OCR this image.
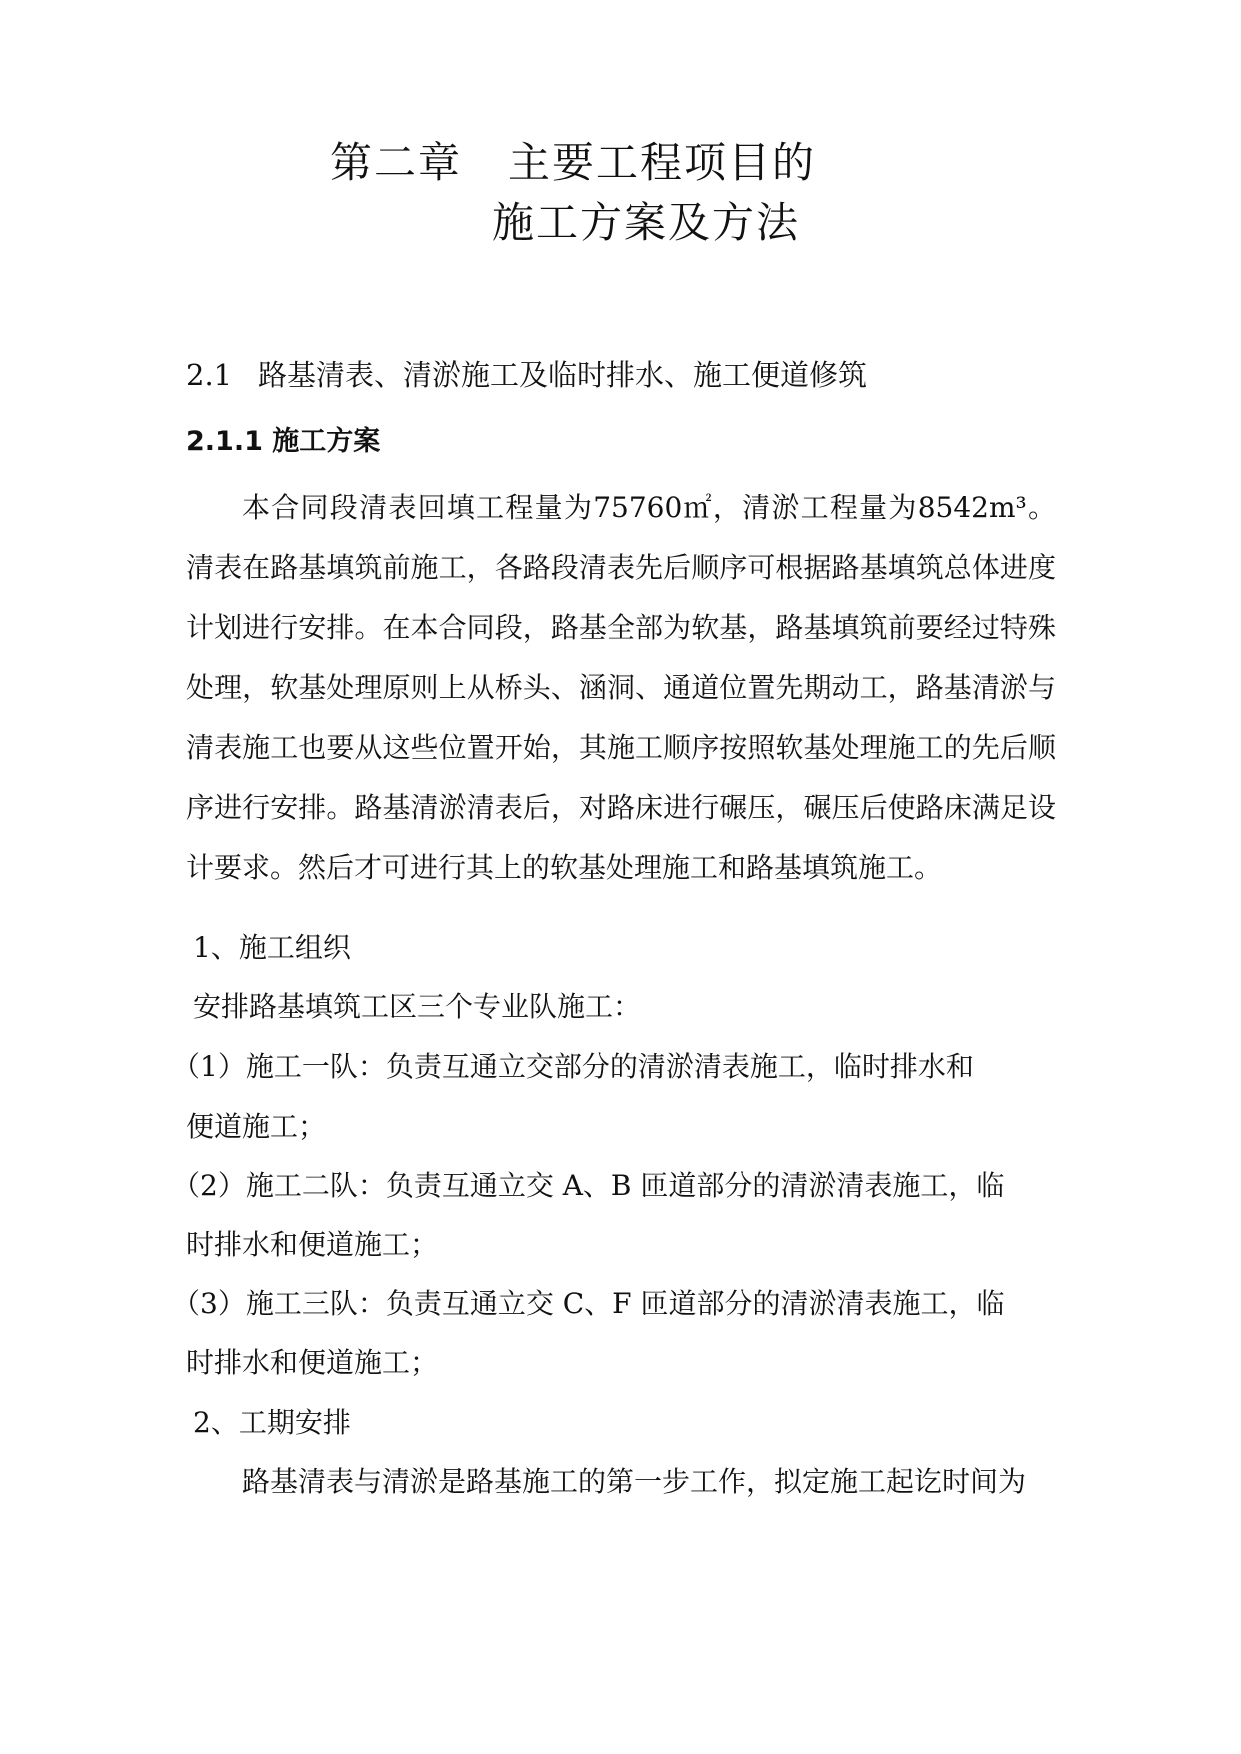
第二章 主要工程项目的
施工方案及方法
2.1 路基清表、清淤施工及临时排水、施工便道修筑
2.1.1 施工方案
本合同段清表回填工程量为75760㎡，清淤工程量为8542m³。清表在路基填筑前施工，各路段清表先后顺序可根据路基填筑总体进度计划进行安排。在本合同段，路基全部为软基，路基填筑前要经过特殊处理，软基处理原则上从桥头、涵洞、通道位置先期动工，路基清淤与清表施工也要从这些位置开始，其施工顺序按照软基处理施工的先后顺序进行安排。路基清淤清表后，对路床进行碾压，碾压后使路床满足设计要求。然后才可进行其上的软基处理施工和路基填筑施工。
1、施工组织
安排路基填筑工区三个专业队施工：
（1）施工一队：负责互通立交部分的清淤清表施工，临时排水和
便道施工；
（2）施工二队：负责互通立交 A、B 匝道部分的清淤清表施工，临
时排水和便道施工；
（3）施工三队：负责互通立交 C、F 匝道部分的清淤清表施工，临
时排水和便道施工；
2、工期安排
路基清表与清淤是路基施工的第一步工作，拟定施工起讫时间为
